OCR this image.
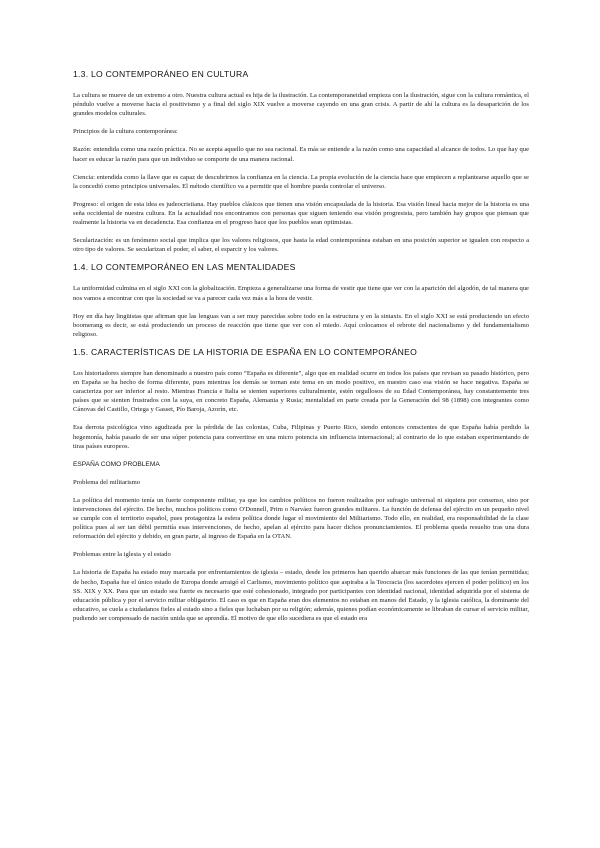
1.3. LO CONTEMPORÁNEO EN CULTURA

La cultura se mueve de un extremo a otro. Nuestra cultura actual es hija de la ilustración. La contemporaneidad empieza con la ilustración, sigue con la cultura romántica, el péndulo vuelve a moverse hacia el positivismo y a final del siglo XIX vuelve a moverse cayendo en una gran crisis. A partir de ahí la cultura es la desaparición de los grandes modelos culturales.

Principios de la cultura contemporánea:

Razón: entendida como una razón práctica. No se acepta aquello que no sea racional. Es más se entiende a la razón como una capacidad al alcance de todos. Lo que hay que hacer es educar la razón para que un individuo se comporte de una manera racional.

Ciencia: entendida como la llave que es capaz de descubrirnos la confianza en la ciencia. La propia evolución de la ciencia hace que empiecen a replantearse aquello que se la concedió como principios universales. El método científico va a permitir que el hombre pueda controlar el universo.

Progreso: el origen de esta idea es judeocristiana. Hay pueblos clásicos que tienen una visión encapsulada de la historia. Esa visión lineal hacia mejor de la historia es una seña occidental de nuestra cultura. En la actualidad nos encontramos con personas que siguen teniendo esa visión progresista, pero también hay grupos que piensan que realmente la historia va en decadencia. Esa confianza en el progreso hace que los pueblos sean optimistas.

Secularización: es un fenómeno social que implica que los valores religiosos, que hasta la edad contemporánea estaban en una posición superior se igualen con respecto a otro tipo de valores. Se secularizan el poder, el saber, el esparcir y los valores.

1.4. LO CONTEMPORÁNEO EN LAS MENTALIDADES

La uniformidad culmina en el siglo XXI con la globalización. Empieza a generalizarse una forma de vestir que tiene que ver con la aparición del algodón, de tal manera que nos vamos a encontrar con que la sociedad se va a parecer cada vez más a la hora de vestir.

Hoy en día hay lingüistas que afirman que las lenguas van a ser muy parecidas sobre todo en la estructura y en la sintaxis. En el siglo XXI se está produciendo un efecto boomerang es decir, se está produciendo un proceso de reacción que tiene que ver con el miedo. Aquí colocamos el rebrote del nacionalismo y del fundamentalismo religioso.

1.5. CARACTERÍSTICAS DE LA HISTORIA DE ESPAÑA EN LO CONTEMPORÁNEO

Los historiadores siempre han denominado a nuestro país como “España es diferente”, algo que en realidad ocurre en todos los países que revisan su pasado histórico, pero en España se ha hecho de forma diferente, pues mientras los demás se tornan este tema en un modo positivo, en nuestro caso esa visión se hace negativa. España se caracteriza por ser inferior al resto. Mientras Francia e Italia se sienten superiores culturalmente, estén orgullosos de su Edad Contemporánea, hay constantemente tres países que se sienten frustrados con la suya, en concreto España, Alemania y Rusia; mentalidad en parte creada por la Generación del 98 (1898) con integrantes como Cánovas del Castillo, Ortega y Gasset, Pío Baroja, Azorín, etc.

Esa derrota psicológica vino agudizada por la pérdida de las colonias, Cuba, Filipinas y Puerto Rico, siendo entonces conscientes de que España había perdido la hegemonía, había pasado de ser una súper potencia para convertirse en una micro potencia sin influencia internacional; al contrario de lo que estaban experimentando de tiras países europeos.

ESPAÑA COMO PROBLEMA

Problema del militarismo

La política del momento tenía un fuerte componente militar, ya que los cambios políticos no fueron realizados por sufragio universal ni siquiera por consenso, sino por intervenciones del ejército. De hecho, muchos políticos como O'Donnell, Prim o Narváez fueron grandes militares. La función de defensa del ejército en un pequeño nivel se cumple con el territorio español, pues protagoniza la esfera política donde lugar el movimiento del Militarismo. Todo ello, en realidad, era responsabilidad de la clase política pues al ser tan débil permitía esas intervenciones, de hecho, apelan al ejército para hacer dichos pronunciamientos. El problema queda resuelto tras una dura reformación del ejército y debido, en gran parte, al ingreso de España en la OTAN.

Problemas entre la iglesia y el estado

La historia de España ha estado muy marcada por enfrentamientos de iglesia – estado, desde los primeros han querido abarcar más funciones de las que tenían permitidas; de hecho, España fue el único estado de Europa donde arraigó el Carlismo, movimiento político que aspiraba a la Teocracia (los sacerdotes ejercen el poder político) en los SS. XIX y XX. Para que un estado sea fuerte es necesario que esté cohesionado, integrado por participantes con identidad nacional, identidad adquirida por el sistema de educación pública y por el servicio militar obligatorio. El caso es que en España eran dos elementos no estaban en manos del Estado, y la iglesia católica, la dominante del educativo, se cuela a ciudadanos fieles al estado sino a fieles que luchaban por su religión; además, quienes podían económicamente se libraban de cursar el servicio militar, pudiendo ser compensado de nación unida que se aprendía. El motivo de que ello sucediera es que el estado era
